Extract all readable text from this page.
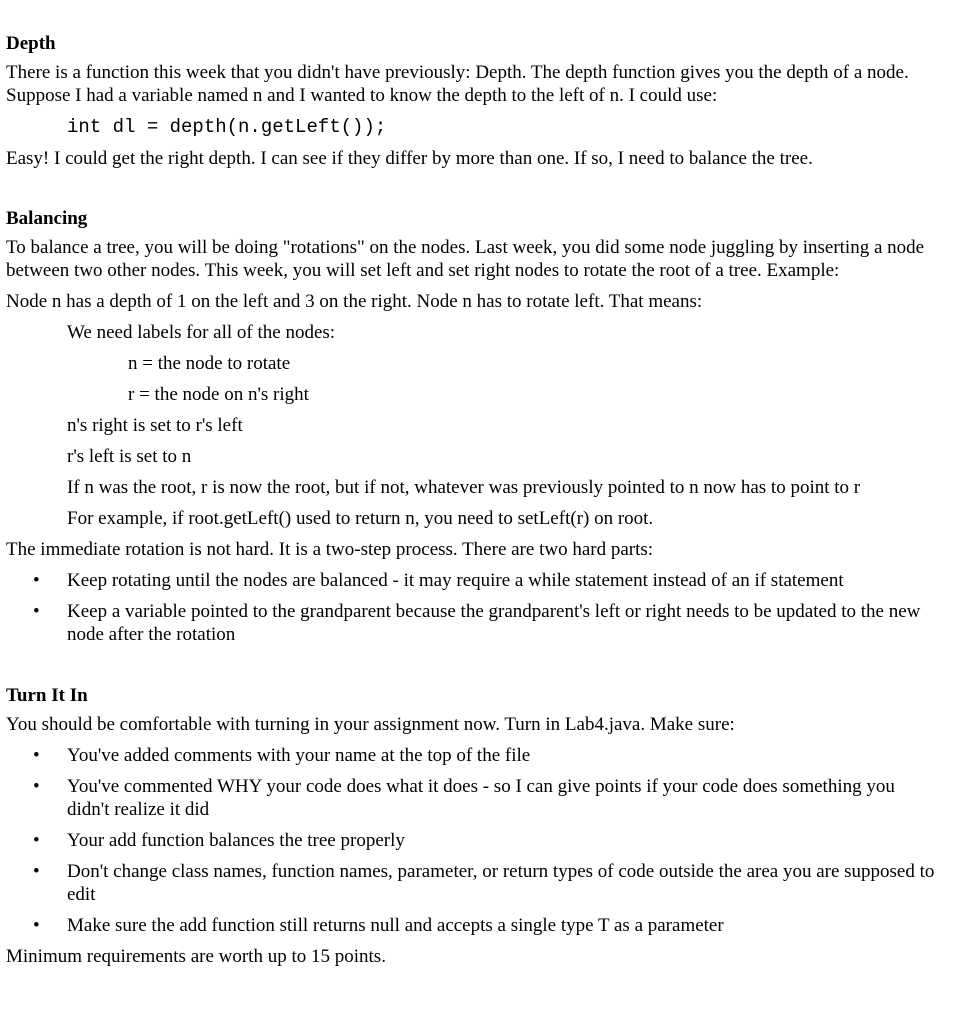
Depth

There is a function this week that you didn't have previously: Depth. The depth function gives you the depth of a node. Suppose I had a variable named n and I wanted to know the depth to the left of n. I could use:

int dl = depth(n.getLeft());

Easy! I could get the right depth. I can see if they differ by more than one. If so, I need to balance the tree.

Balancing

To balance a tree, you will be doing "rotations" on the nodes. Last week, you did some node juggling by inserting a node between two other nodes. This week, you will set left and set right nodes to rotate the root of a tree. Example:

Node n has a depth of 1 on the left and 3 on the right. Node n has to rotate left. That means:

We need labels for all of the nodes:

n = the node to rotate

r = the node on n's right

n's right is set to r's left

r's left is set to n

If n was the root, r is now the root, but if not, whatever was previously pointed to n now has to point to r

For example, if root.getLeft() used to return n, you need to setLeft(r) on root.

The immediate rotation is not hard. It is a two-step process. There are two hard parts:

• Keep rotating until the nodes are balanced - it may require a while statement instead of an if statement
• Keep a variable pointed to the grandparent because the grandparent's left or right needs to be updated to the new node after the rotation
Turn It In

You should be comfortable with turning in your assignment now. Turn in Lab4.java. Make sure:

• You've added comments with your name at the top of the file
• You've commented WHY your code does what it does - so I can give points if your code does something you didn't realize it did
• Your add function balances the tree properly
• Don't change class names, function names, parameter, or return types of code outside the area you are supposed to edit
• Make sure the add function still returns null and accepts a single type T as a parameter

Minimum requirements are worth up to 15 points.
